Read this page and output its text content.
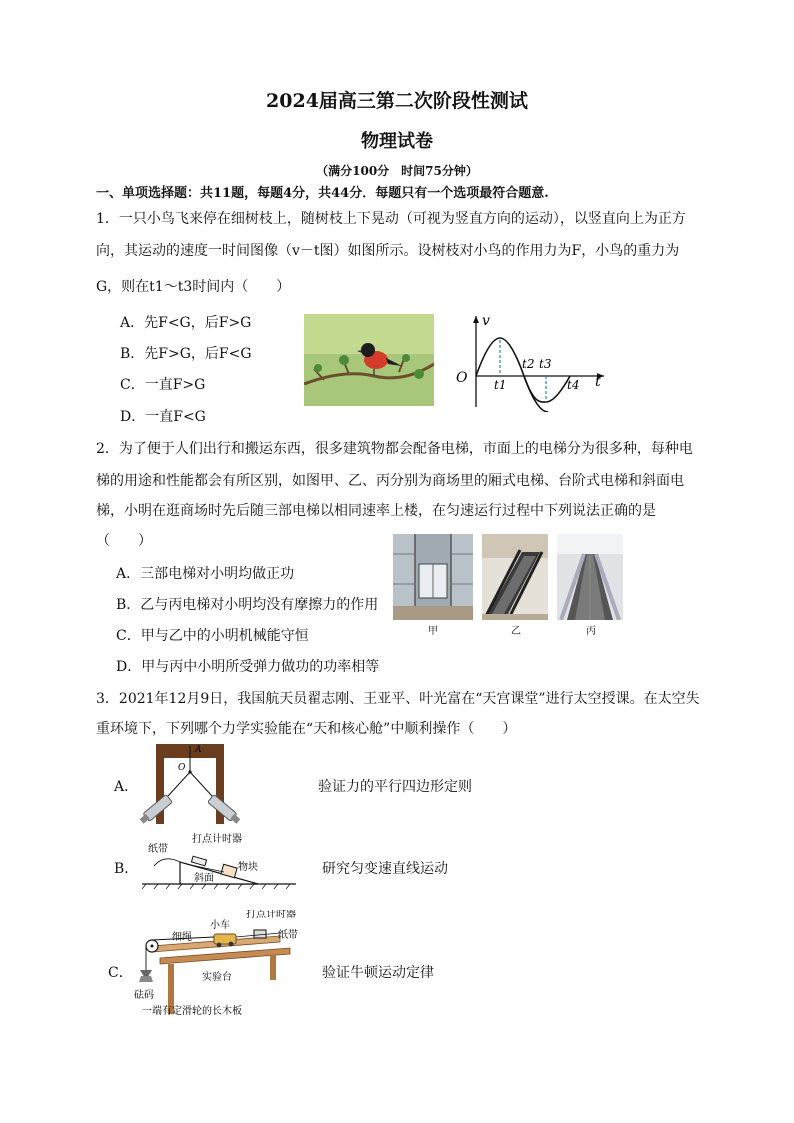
2024届高三第二次阶段性测试
物理试卷
（满分100分　时间75分钟）
一、单项选择题：共11题，每题4分，共44分．每题只有一个选项最符合题意.
1．一只小鸟飞来停在细树枝上，随树枝上下晃动（可视为竖直方向的运动），以竖直向上为正方
向，其运动的速度一时间图像（v－t图）如图所示。设树枝对小鸟的作用力为F，小鸟的重力为
G，则在t1～t3时间内（　　）
A．先F<G，后F>G
B．先F>G，后F<G
C．一直F>G
D．一直F<G
v
t
O t1
t2 t3
t4
2．为了便于人们出行和搬运东西，很多建筑物都会配备电梯，市面上的电梯分为很多种，每种电
梯的用途和性能都会有所区别，如图甲、乙、丙分别为商场里的厢式电梯、台阶式电梯和斜面电
梯，小明在逛商场时先后随三部电梯以相同速率上楼，在匀速运行过程中下列说法正确的是
（　　）
A．三部电梯对小明均做正功
B．乙与丙电梯对小明均没有摩擦力的作用
C．甲与乙中的小明机械能守恒
D．甲与丙中小明所受弹力做功的功率相等
甲	乙	丙
3．2021年12月9日，我国航天员翟志刚、王亚平、叶光富在“天宫课堂”进行太空授课。在太空失
重环境下，下列哪个力学实验能在“天和核心舱”中顺利操作（　　）
A．	验证力的平行四边形定则
A
O
B．	研究匀变速直线运动
纸带
打点计时器
物块
斜面
C．	验证牛顿运动定律
细绳
小车
打点计时器
纸带
实验台
砝码
一端有定滑轮的长木板
